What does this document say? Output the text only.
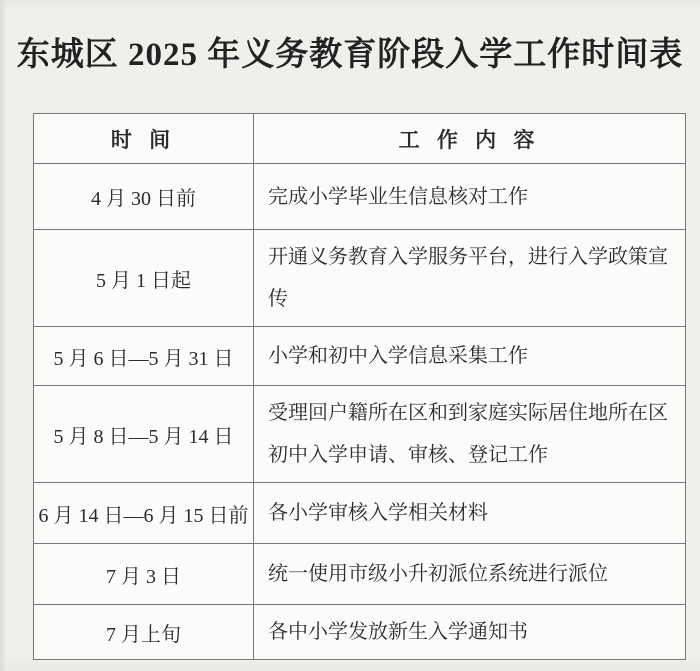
东城区 2025 年义务教育阶段入学工作时间表
时 间	工 作 内 容
4 月 30 日前	完成小学毕业生信息核对工作
5 月 1 日起	开通义务教育入学服务平台，进行入学政策宣传
5 月 6 日—5 月 31 日	小学和初中入学信息采集工作
5 月 8 日—5 月 14 日	受理回户籍所在区和到家庭实际居住地所在区初中入学申请、审核、登记工作
6 月 14 日—6 月 15 日前	各小学审核入学相关材料
7 月 3 日	统一使用市级小升初派位系统进行派位
7 月上旬	各中小学发放新生入学通知书
